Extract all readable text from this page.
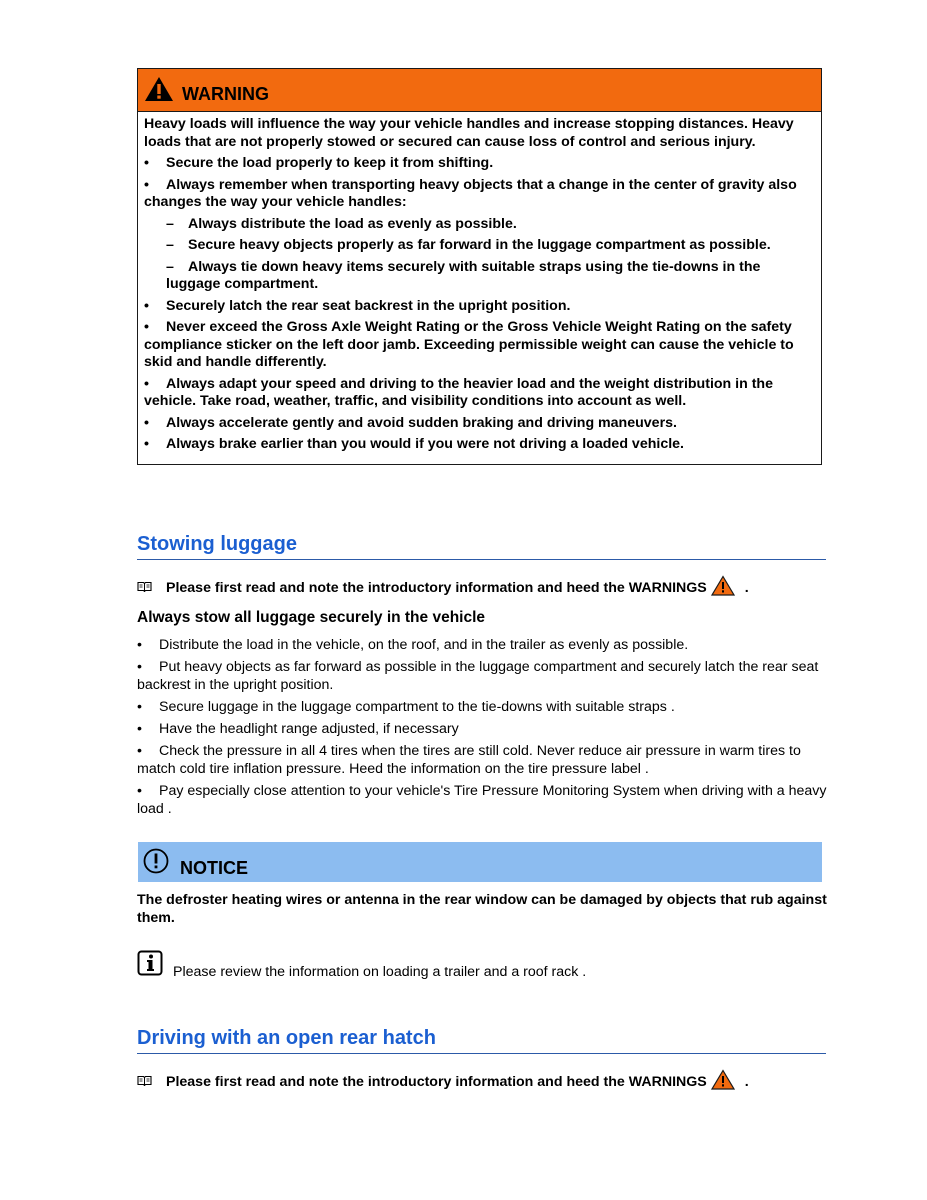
WARNING

Heavy loads will influence the way your vehicle handles and increase stopping distances. Heavy loads that are not properly stowed or secured can cause loss of control and serious injury.

• Secure the load properly to keep it from shifting.
• Always remember when transporting heavy objects that a change in the center of gravity also changes the way your vehicle handles:
– Always distribute the load as evenly as possible.
– Secure heavy objects properly as far forward in the luggage compartment as possible.
– Always tie down heavy items securely with suitable straps using the tie-downs in the luggage compartment.
• Securely latch the rear seat backrest in the upright position.
• Never exceed the Gross Axle Weight Rating or the Gross Vehicle Weight Rating on the safety compliance sticker on the left door jamb. Exceeding permissible weight can cause the vehicle to skid and handle differently.
• Always adapt your speed and driving to the heavier load and the weight distribution in the vehicle. Take road, weather, traffic, and visibility conditions into account as well.
• Always accelerate gently and avoid sudden braking and driving maneuvers.
• Always brake earlier than you would if you were not driving a loaded vehicle.
Stowing luggage
Please first read and note the introductory information and heed the WARNINGS	.
Always stow all luggage securely in the vehicle
• Distribute the load in the vehicle, on the roof, and in the trailer as evenly as possible.
• Put heavy objects as far forward as possible in the luggage compartment and securely latch the rear seat backrest in the upright position.
• Secure luggage in the luggage compartment to the tie-downs with suitable straps .
• Have the headlight range adjusted, if necessary
• Check the pressure in all 4 tires when the tires are still cold. Never reduce air pressure in warm tires to match cold tire inflation pressure. Heed the information on the tire pressure label .
• Pay especially close attention to your vehicle's Tire Pressure Monitoring System when driving with a heavy load .
NOTICE
The defroster heating wires or antenna in the rear window can be damaged by objects that rub against them.
Please review the information on loading a trailer and a roof rack .
Driving with an open rear hatch
Please first read and note the introductory information and heed the WARNINGS	.
